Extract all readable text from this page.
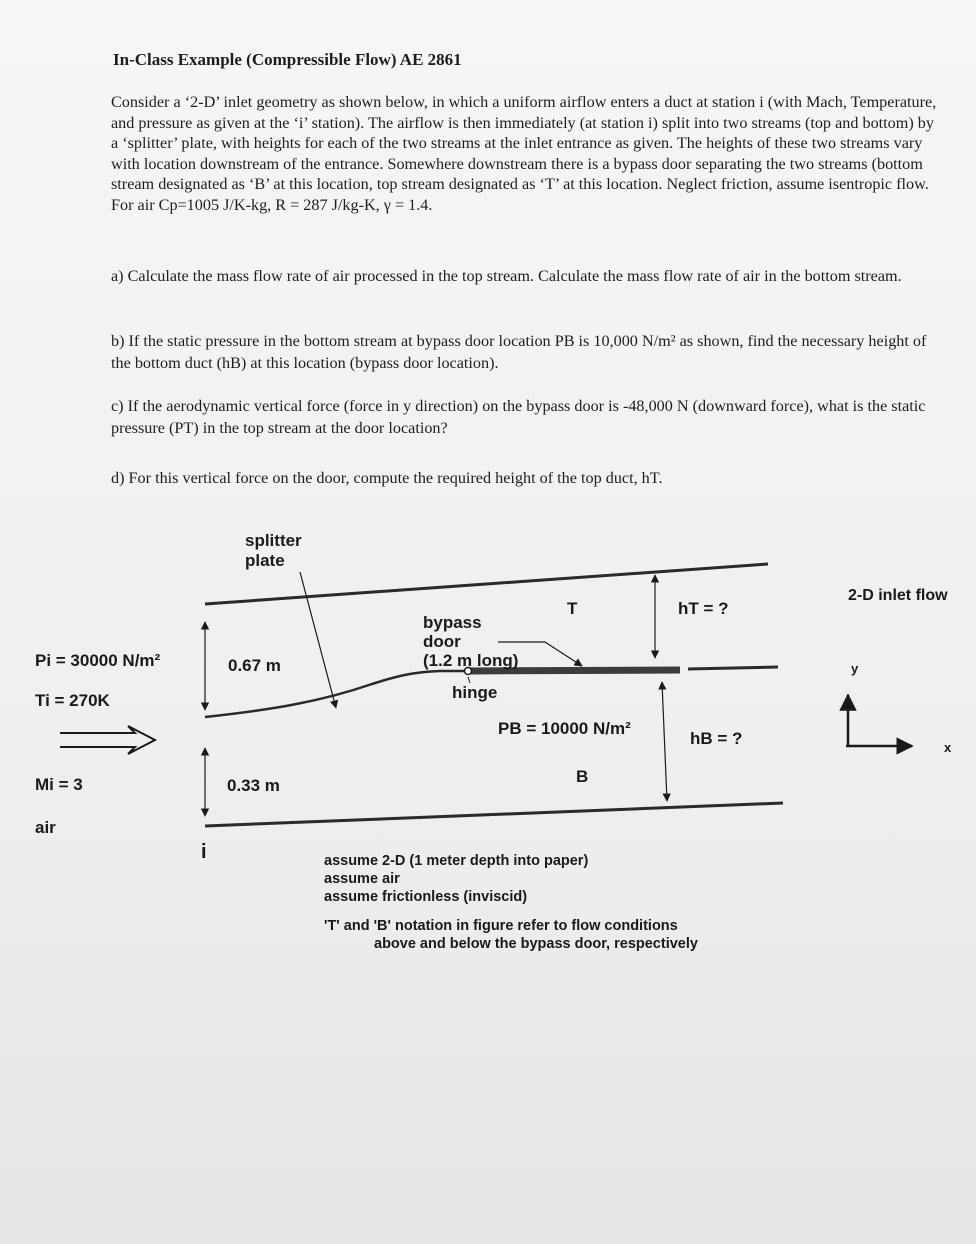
In-Class Example (Compressible Flow) AE 2861
Consider a ‘2-D’ inlet geometry as shown below, in which a uniform airflow enters a duct at station i (with Mach, Temperature, and pressure as given at the ‘i’ station). The airflow is then immediately (at station i) split into two streams (top and bottom) by a ‘splitter’ plate, with heights for each of the two streams at the inlet entrance as given. The heights of these two streams vary with location downstream of the entrance. Somewhere downstream there is a bypass door separating the two streams (bottom stream designated as ‘B’ at this location, top stream designated as ‘T’ at this location. Neglect friction, assume isentropic flow. For air Cp=1005 J/K-kg, R = 287 J/kg-K, γ = 1.4.
a) Calculate the mass flow rate of air processed in the top stream. Calculate the mass flow rate of air in the bottom stream.
b) If the static pressure in the bottom stream at bypass door location PB is 10,000 N/m² as shown, find the necessary height of the bottom duct (hB) at this location (bypass door location).
c) If the aerodynamic vertical force (force in y direction) on the bypass door is -48,000 N (downward force), what is the static pressure (PT) in the top stream at the door location?
d) For this vertical force on the door, compute the required height of the top duct, hT.
splitter
plate
Pi = 30000 N/m²
Ti = 270K
Mi = 3
air
i
0.67 m
0.33 m
bypass
door
(1.2 m long)
hinge
T
B
hT = ?
hB = ?
PB = 10000 N/m²
2-D inlet flow
y
x
assume 2-D (1 meter depth into paper)
assume air
assume frictionless (inviscid)
'T' and 'B' notation in figure refer to flow conditions
above and below the bypass door, respectively
